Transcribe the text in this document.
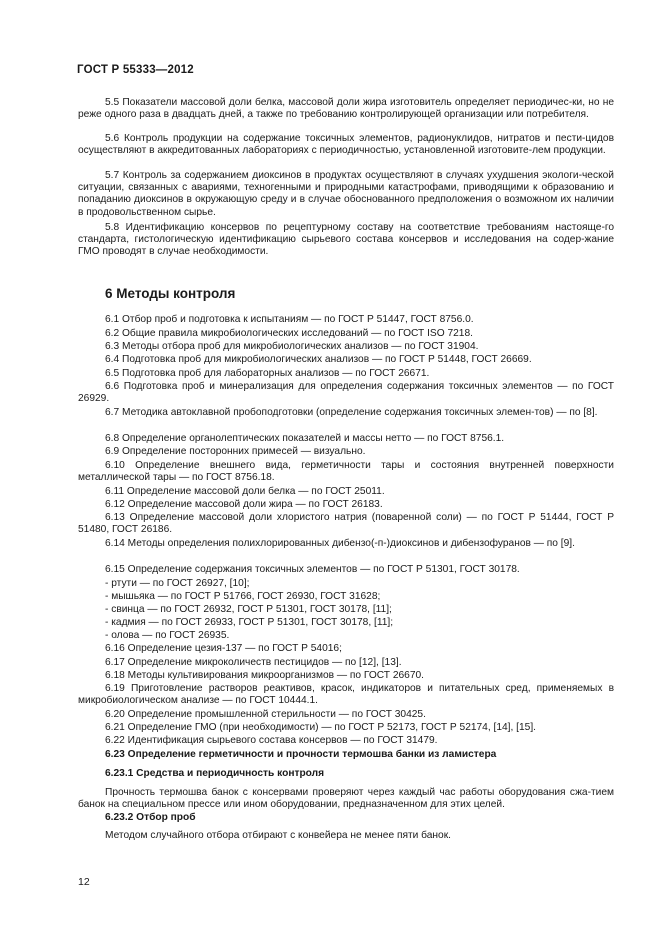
ГОСТ Р 55333—2012
5.5 Показатели массовой доли белка, массовой доли жира изготовитель определяет периодичес-ки, но не реже одного раза в двадцать дней, а также по требованию контролирующей организации или потребителя.
5.6 Контроль продукции на содержание токсичных элементов, радионуклидов, нитратов и пести-цидов осуществляют в аккредитованных лабораториях с периодичностью, установленной изготовите-лем продукции.
5.7 Контроль за содержанием диоксинов в продуктах осуществляют в случаях ухудшения экологи-ческой ситуации, связанных с авариями, техногенными и природными катастрофами, приводящими к образованию и попаданию диоксинов в окружающую среду и в случае обоснованного предположения о возможном их наличии в продовольственном сырье.
5.8 Идентификацию консервов по рецептурному составу на соответствие требованиям настояще-го стандарта, гистологическую идентификацию сырьевого состава консервов и исследования на содер-жание ГМО проводят в случае необходимости.
6 Методы контроля
6.1 Отбор проб и подготовка к испытаниям — по ГОСТ Р 51447, ГОСТ 8756.0.
6.2 Общие правила микробиологических исследований — по ГОСТ ISO 7218.
6.3 Методы отбора проб для микробиологических анализов — по ГОСТ 31904.
6.4 Подготовка проб для микробиологических анализов — по ГОСТ Р 51448, ГОСТ 26669.
6.5 Подготовка проб для лабораторных анализов — по ГОСТ 26671.
6.6 Подготовка проб и минерализация для определения содержания токсичных элементов — по ГОСТ 26929.
6.7 Методика автоклавной пробоподготовки (определение содержания токсичных элемен-тов) — по [8].
6.8 Определение органолептических показателей и массы нетто — по ГОСТ 8756.1.
6.9 Определение посторонних примесей — визуально.
6.10 Определение внешнего вида, герметичности тары и состояния внутренней поверхности металлической тары — по ГОСТ 8756.18.
6.11 Определение массовой доли белка — по ГОСТ 25011.
6.12 Определение массовой доли жира — по ГОСТ 26183.
6.13 Определение массовой доли хлористого натрия (поваренной соли) — по ГОСТ Р 51444, ГОСТ Р 51480, ГОСТ 26186.
6.14 Методы определения полихлорированных дибензо(-п-)диоксинов и дибензофуранов — по [9].
6.15 Определение содержания токсичных элементов — по ГОСТ Р 51301, ГОСТ 30178.
- ртути — по ГОСТ 26927, [10];
- мышьяка — по ГОСТ Р 51766, ГОСТ 26930, ГОСТ 31628;
- свинца — по ГОСТ 26932, ГОСТ Р 51301, ГОСТ 30178, [11];
- кадмия — по ГОСТ 26933, ГОСТ Р 51301, ГОСТ 30178, [11];
- олова — по ГОСТ 26935.
6.16 Определение цезия-137 — по ГОСТ Р 54016;
6.17 Определение микроколичеств пестицидов — по [12], [13].
6.18 Методы культивирования микроорганизмов — по ГОСТ 26670.
6.19 Приготовление растворов реактивов, красок, индикаторов и питательных сред, применяемых в микробиологическом анализе — по ГОСТ 10444.1.
6.20 Определение промышленной стерильности — по ГОСТ 30425.
6.21 Определение ГМО (при необходимости) — по ГОСТ Р 52173, ГОСТ Р 52174, [14], [15].
6.22 Идентификация сырьевого состава консервов — по ГОСТ 31479.
6.23 Определение герметичности и прочности термошва банки из ламистера
6.23.1 Средства и периодичность контроля
Прочность термошва банок с консервами проверяют через каждый час работы оборудования сжа-тием банок на специальном прессе или ином оборудовании, предназначенном для этих целей.
6.23.2 Отбор проб
Методом случайного отбора отбирают с конвейера не менее пяти банок.
12
